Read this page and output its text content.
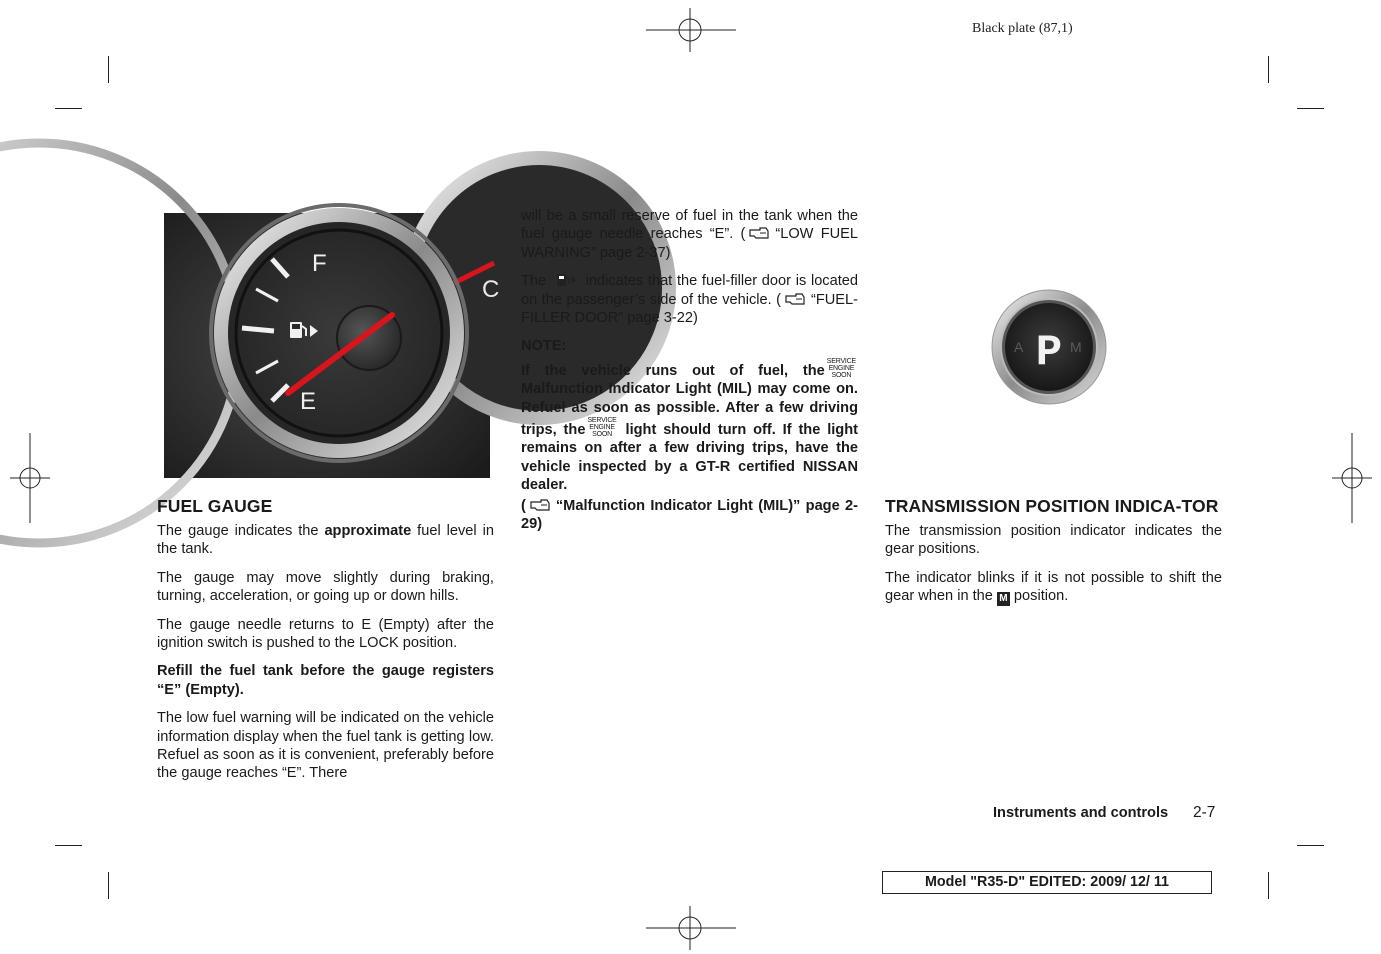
Black plate (87,1)
C
F
E
FUEL GAUGE

The gauge indicates the approximate fuel level in the tank.

The gauge may move slightly during braking, turning, acceleration, or going up or down hills.

The gauge needle returns to E (Empty) after the ignition switch is pushed to the LOCK position.

Refill the fuel tank before the gauge registers “E” (Empty).

The low fuel warning will be indicated on the vehicle information display when the fuel tank is getting low. Refuel as soon as it is convenient, preferably before the gauge reaches “E”. There

will be a small reserve of fuel in the tank when the fuel gauge needle reaches “E”. ( “LOW FUEL WARNING” page 2-37)

The	indicates that the fuel-filler door is located on the passenger’s side of the vehicle. ( “FUEL-FILLER DOOR” page 3-22)

NOTE:

If the vehicle runs out of fuel, theSERVICE
ENGINE
SOON Malfunction Indicator Light (MIL) may come on. Refuel as soon as possible. After a few driving trips, theSERVICE
ENGINE
SOON light should turn off. If the light remains on after a few driving trips, have the vehicle inspected by a GT-R certified NISSAN dealer.

( “Malfunction Indicator Light (MIL)” page 2-29)

A	M
P
TRANSMISSION POSITION INDICA-TOR

The transmission position indicator indicates the gear positions.

The indicator blinks if it is not possible to shift the gear when in the M position.

Instruments and controls 2-7
Model "R35-D" EDITED: 2009/ 12/ 11
